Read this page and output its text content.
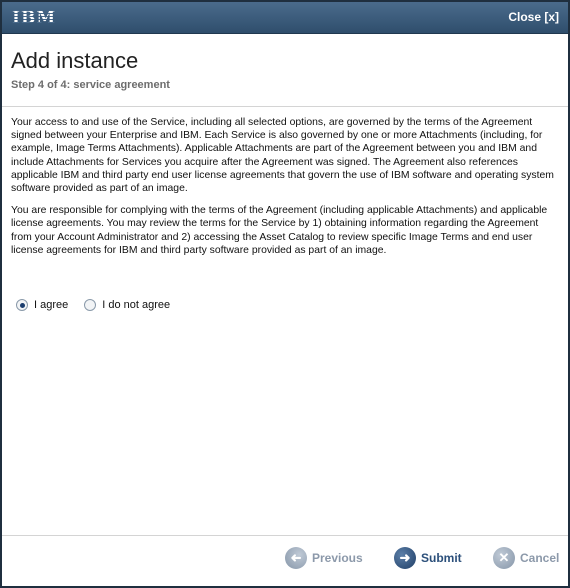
IBM	Close [x]
Add instance
Step 4 of 4: service agreement

Your access to and use of the Service, including all selected options, are governed by the terms of the Agreement signed between your Enterprise and IBM. Each Service is also governed by one or more Attachments (including, for example, Image Terms Attachments). Applicable Attachments are part of the Agreement between you and IBM and include Attachments for Services you acquire after the Agreement was signed. The Agreement also references applicable IBM and third party end user license agreements that govern the use of IBM software and operating system software provided as part of an image.

You are responsible for complying with the terms of the Agreement (including applicable Attachments) and applicable license agreements. You may review the terms for the Service by 1) obtaining information regarding the Agreement from your Account Administrator and 2) accessing the Asset Catalog to review specific Image Terms and end user license agreements for IBM and third party software provided as part of an image.

I agree	I do not agree
➜ Previous	➜ Submit	✕ Cancel
